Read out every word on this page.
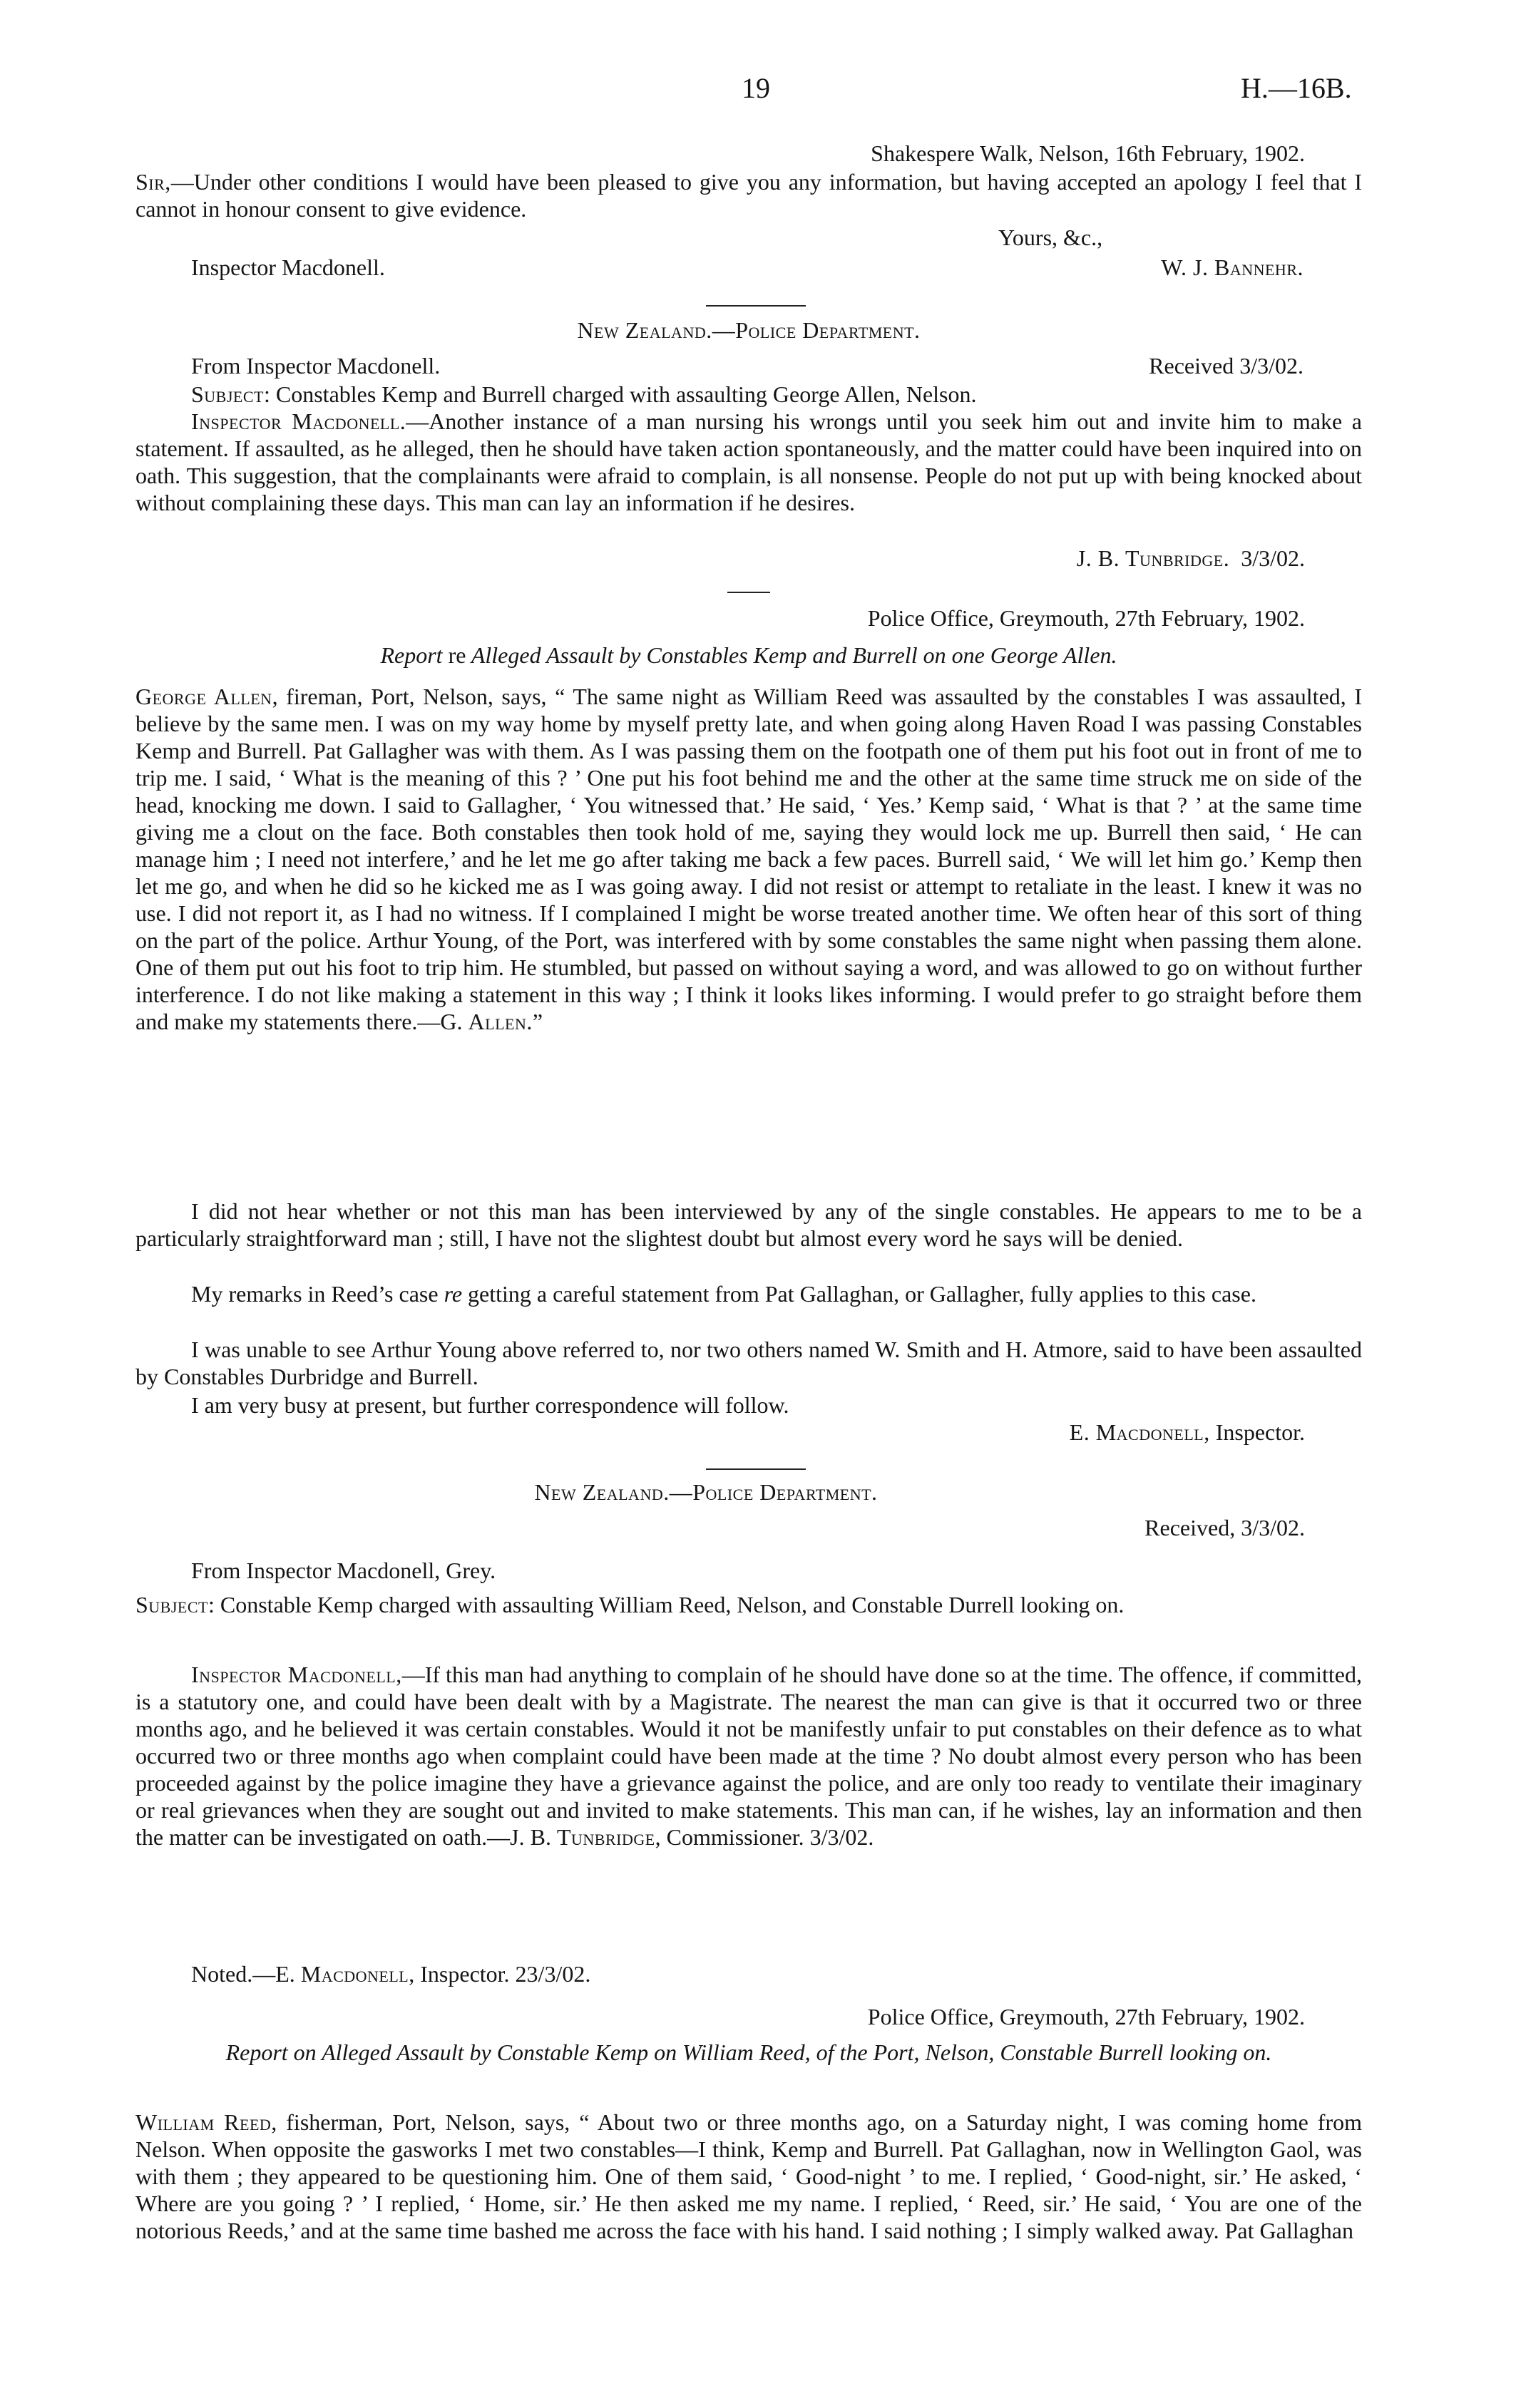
19	H.—16B.
Shakespere Walk, Nelson, 16th February, 1902.
Sir,—Under other conditions I would have been pleased to give you any information, but having accepted an apology I feel that I cannot in honour consent to give evidence.
Yours, &c.,
Inspector Macdonell.	W. J. Bannehr.
New Zealand.—Police Department.
From Inspector Macdonell.	Received 3/3/02.
Subject: Constables Kemp and Burrell charged with assaulting George Allen, Nelson.
Inspector Macdonell.—Another instance of a man nursing his wrongs until you seek him out and invite him to make a statement. If assaulted, as he alleged, then he should have taken action spontaneously, and the matter could have been inquired into on oath. This suggestion, that the complainants were afraid to complain, is all nonsense. People do not put up with being knocked about without complaining these days. This man can lay an information if he desires.
J. B. Tunbridge. 3/3/02.
Police Office, Greymouth, 27th February, 1902.
Report re Alleged Assault by Constables Kemp and Burrell on one George Allen.
George Allen, fireman, Port, Nelson, says, “ The same night as William Reed was assaulted by the constables I was assaulted, I believe by the same men. I was on my way home by myself pretty late, and when going along Haven Road I was passing Constables Kemp and Burrell. Pat Gallagher was with them. As I was passing them on the footpath one of them put his foot out in front of me to trip me. I said, ‘ What is the meaning of this ? ’ One put his foot behind me and the other at the same time struck me on side of the head, knocking me down. I said to Gallagher, ‘ You witnessed that.’ He said, ‘ Yes.’ Kemp said, ‘ What is that ? ’ at the same time giving me a clout on the face. Both constables then took hold of me, saying they would lock me up. Burrell then said, ‘ He can manage him ; I need not interfere,’ and he let me go after taking me back a few paces. Burrell said, ‘ We will let him go.’ Kemp then let me go, and when he did so he kicked me as I was going away. I did not resist or attempt to retaliate in the least. I knew it was no use. I did not report it, as I had no witness. If I complained I might be worse treated another time. We often hear of this sort of thing on the part of the police. Arthur Young, of the Port, was interfered with by some constables the same night when passing them alone. One of them put out his foot to trip him. He stumbled, but passed on without saying a word, and was allowed to go on without further interference. I do not like making a statement in this way ; I think it looks likes informing. I would prefer to go straight before them and make my statements there.—G. Allen.”
I did not hear whether or not this man has been interviewed by any of the single constables. He appears to me to be a particularly straightforward man ; still, I have not the slightest doubt but almost every word he says will be denied.
My remarks in Reed’s case re getting a careful statement from Pat Gallaghan, or Gallagher, fully applies to this case.
I was unable to see Arthur Young above referred to, nor two others named W. Smith and H. Atmore, said to have been assaulted by Constables Durbridge and Burrell.
I am very busy at present, but further correspondence will follow.
E. Macdonell, Inspector.
New Zealand.—Police Department.
Received, 3/3/02.
From Inspector Macdonell, Grey.
Subject: Constable Kemp charged with assaulting William Reed, Nelson, and Constable Durrell looking on.
Inspector Macdonell,—If this man had anything to complain of he should have done so at the time. The offence, if committed, is a statutory one, and could have been dealt with by a Magistrate. The nearest the man can give is that it occurred two or three months ago, and he believed it was certain constables. Would it not be manifestly unfair to put constables on their defence as to what occurred two or three months ago when complaint could have been made at the time ? No doubt almost every person who has been proceeded against by the police imagine they have a grievance against the police, and are only too ready to ventilate their imaginary or real grievances when they are sought out and invited to make statements. This man can, if he wishes, lay an information and then the matter can be investigated on oath.—J. B. Tunbridge, Commissioner. 3/3/02.
Noted.—E. Macdonell, Inspector. 23/3/02.
Police Office, Greymouth, 27th February, 1902.
Report on Alleged Assault by Constable Kemp on William Reed, of the Port, Nelson, Constable Burrell looking on.
William Reed, fisherman, Port, Nelson, says, “ About two or three months ago, on a Saturday night, I was coming home from Nelson. When opposite the gasworks I met two constables—I think, Kemp and Burrell. Pat Gallaghan, now in Wellington Gaol, was with them ; they appeared to be questioning him. One of them said, ‘ Good-night ’ to me. I replied, ‘ Good-night, sir.’ He asked, ‘ Where are you going ? ’ I replied, ‘ Home, sir.’ He then asked me my name. I replied, ‘ Reed, sir.’ He said, ‘ You are one of the notorious Reeds,’ and at the same time bashed me across the face with his hand. I said nothing ; I simply walked away. Pat Gallaghan
